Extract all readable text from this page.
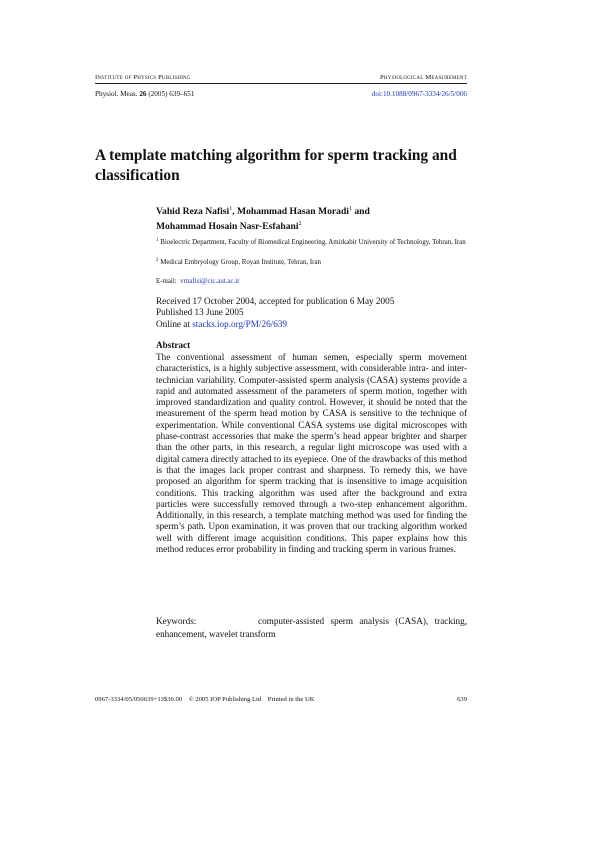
Institute of Physics Publishing	Physiological Measurement
Physiol. Meas. 26 (2005) 639–651	doi:10.1088/0967-3334/26/5/006
A template matching algorithm for sperm tracking and classification
Vahid Reza Nafisi$^1$, Mohammad Hasan Moradi$^1$ and
Mohammad Hosain Nasr-Esfahani$^2$
$^1$ Bioelectric Department, Faculty of Biomedical Engineering, Amirkabir University of Technology, Tehran, Iran
$^2$ Medical Embryology Group, Royan Institute, Tehran, Iran
E-mail: vrnafisi@cic.aut.ac.ir
Received 17 October 2004, accepted for publication 6 May 2005
Published 13 June 2005
Online at stacks.iop.org/PM/26/639
Abstract
The conventional assessment of human semen, especially sperm movement characteristics, is a highly subjective assessment, with considerable intra- and inter-technician variability. Computer-assisted sperm analysis (CASA) systems provide a rapid and automated assessment of the parameters of sperm motion, together with improved standardization and quality control. However, it should be noted that the measurement of the sperm head motion by CASA is sensitive to the technique of experimentation. While conventional CASA systems use digital microscopes with phase-contrast accessories that make the sperm’s head appear brighter and sharper than the other parts, in this research, a regular light microscope was used with a digital camera directly attached to its eyepiece. One of the drawbacks of this method is that the images lack proper contrast and sharpness. To remedy this, we have proposed an algorithm for sperm tracking that is insensitive to image acquisition conditions. This tracking algorithm was used after the background and extra particles were successfully removed through a two-step enhancement algorithm. Additionally, in this research, a template matching method was used for finding the sperm’s path. Upon examination, it was proven that our tracking algorithm worked well with different image acquisition conditions. This paper explains how this method reduces error probability in finding and tracking sperm in various frames.
Keywords:	computer-assisted sperm analysis (CASA), tracking, enhancement, wavelet transform
0967-3334/05/050639+13$30.00 © 2005 IOP Publishing Ltd Printed in the UK	639
